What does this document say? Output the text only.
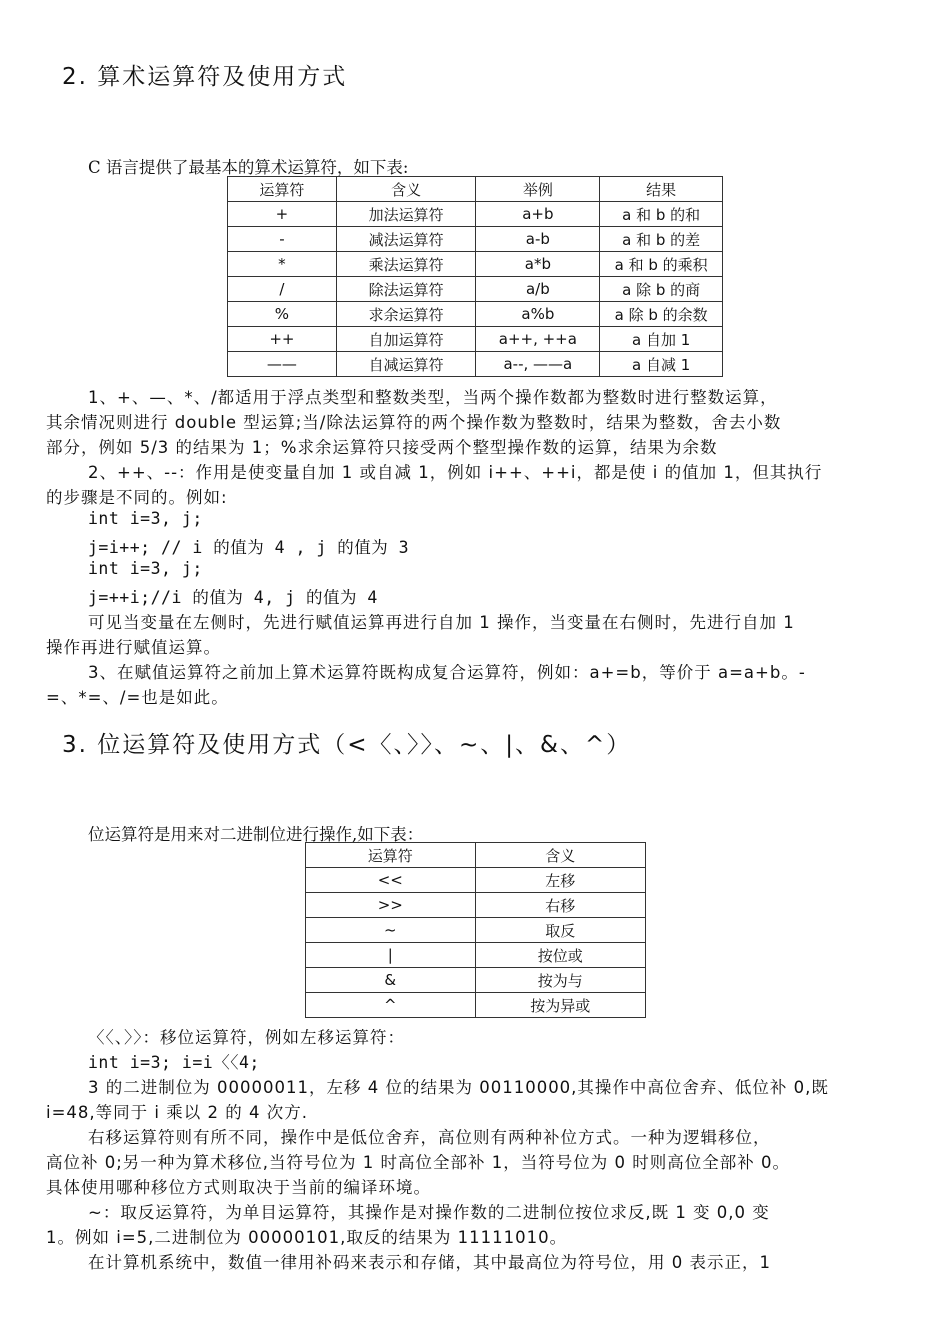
2. 算术运算符及使用方式
C 语言提供了最基本的算术运算符，如下表:
运算符	含义	举例	结果
+	加法运算符	a+b	a 和 b 的和
-	减法运算符	a-b	a 和 b 的差
*	乘法运算符	a*b	a 和 b 的乘积
/	除法运算符	a/b	a 除 b 的商
%	求余运算符	a%b	a 除 b 的余数
++	自加运算符	a++, ++a	a 自加 1
——	自减运算符	a--, ——a	a 自减 1
1、+、—、*、/都适用于浮点类型和整数类型，当两个操作数都为整数时进行整数运算，
其余情况则进行 double 型运算;当/除法运算符的两个操作数为整数时，结果为整数，舍去小数
部分，例如 5/3 的结果为 1；%求余运算符只接受两个整型操作数的运算，结果为余数
2、++、--：作用是使变量自加 1 或自减 1，例如 i++、++i，都是使 i 的值加 1，但其执行
的步骤是不同的。例如:
int i=3, j;
j=i++; // i 的值为 4 , j 的值为 3
int i=3, j;
j=++i;//i 的值为 4, j 的值为 4
可见当变量在左侧时，先进行赋值运算再进行自加 1 操作，当变量在右侧时，先进行自加 1
操作再进行赋值运算。
3、在赋值运算符之前加上算术运算符既构成复合运算符，例如：a+=b，等价于 a=a+b。-
=、*=、/=也是如此。
3. 位运算符及使用方式（<〈、〉〉、~、|、&、^）
位运算符是用来对二进制位进行操作,如下表：
运算符	含义
<<	左移
>>	右移
~	取反
|	按位或
&	按为与
^	按为异或
〈〈、〉〉：移位运算符，例如左移运算符：
int i=3; i=i〈〈4;
3 的二进制位为 00000011，左移 4 位的结果为 00110000,其操作中高位舍弃、低位补 0,既
i=48,等同于 i 乘以 2 的 4 次方.
右移运算符则有所不同，操作中是低位舍弃，高位则有两种补位方式。一种为逻辑移位，
高位补 0;另一种为算术移位,当符号位为 1 时高位全部补 1，当符号位为 0 时则高位全部补 0。
具体使用哪种移位方式则取决于当前的编译环境。
~：取反运算符，为单目运算符，其操作是对操作数的二进制位按位求反,既 1 变 0,0 变
1。例如 i=5,二进制位为 00000101,取反的结果为 11111010。
在计算机系统中，数值一律用补码来表示和存储，其中最高位为符号位，用 0 表示正，1
